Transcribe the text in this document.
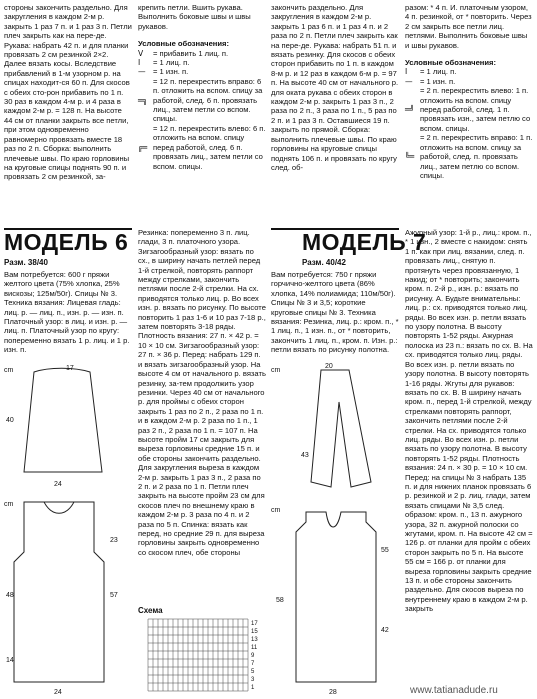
стороны закончить раздельно. Для закругления в каждом 2-м р. закрыть 1 раз 7 п. и 1 раз 3 п. Петли плеч закрыть как на пере-де. Рукава: набрать 42 п. и для планки провязать 2 см резинкой 2×2. Далее вязать косы. Вследствие прибавлений в 1-м узорном р. на спицах находит-ся 60 п. Для скосов с обеих сто-рон прибавить по 1 п. 30 раз в каждом 4-м р. и 4 раза в каждом 2-м р. = 128 п. На высоте 44 см от планки закрыть все петли, при этом одновременно равномерно провязать вместе 18 раз по 2 п. Сборка: выполнить плечевые швы. По краю горловины на круговые спицы поднять 90 п. и провязать 2 см резинкой, за-

крепить петли. Вшить рукава. Выполнить боковые швы и швы рукавов.

Условные обозначения:

V	= прибавить 1 лиц. п.
I	= 1 лиц. п.
— = 1 изн. п.
═╗
= 12 п. перекрестить вправо: 6 п. отложить на вспом. спицу за работой, след. 6 п. провязать лиц., затем петли со вспом. спицы.
╔═
= 12 п. перекрестить влево: 6 п. отложить на вспом. спицу перед работой, след. 6 п. провязать лиц., затем петли со вспом. спицы.

закончить раздельно. Для закругления в каждом 2-м р. закрыть 1 раз 6 п. и 1 раз 4 п. и 2 раза по 2 п. Петли плеч закрыть как на пере-де. Рукава: набрать 51 п. и вязать резинку. Для скосов с обеих сторон прибавить по 1 п. в каждом 8-м р. и 12 раз в каждом 6-м р. = 97 п. На высоте 40 см от начального р. для оката рукава с обеих сторон в каждом 2-м р. закрыть 1 раз 3 п., 2 раза по 2 п., 3 раза по 1 п., 5 раз по 2 п. и 1 раз 3 п. Оставшиеся 19 п. закрыть по прямой. Сборка: выполнить плечевые швы. По краю горловины на круговые спицы поднять 106 п. и провязать по кругу след. об-

разом: * 4 п. И. платочным узором, 4 п. резинкой, от * повторить. Через 2 см закрыть все петли лиц. петлями. Выполнить боковые швы и швы рукавов.

Условные обозначения:

I	= 1 лиц. п.
— = 1 изн. п.
═╝
= 2 п. перекрестить влево: 1 п. отложить на вспом. спицу перед работой, след. 1 п. провязать изн., затем петлю со вспом. спицы.
╚═
= 2 п. перекрестить вправо: 1 п. отложить на вспом. спицу за работой, след. п. провязать лиц., затем петлю со вспом. спицы.
МОДЕЛЬ 6
Разм. 38/40

Вам потребуется: 600 г пряжи желтого цвета (75% хлопка, 25% вискозы; 125м/50г). Спицы № 3. Техника вязания: Лицевая гладь: лиц. р. — лиц. п., изн. р. — изн. п. Платочный узор: в лиц. и изн. р. — лиц. п. Платочный узор по кругу: попеременно вязать 1 р. лиц. и 1 р. изн. п.

Резинка: попеременно 3 п. лиц. глади, 3 п. платочного узора. Зигзагообразный узор: вязать по сх., в ширину начать петлей перед 1-й стрелкой, повторять раппорт между стрелками, закончить петлями после 2-й стрелки. На сх. приводятся только лиц. р. Во всех изн. р. вязать по рисунку. По высоте повторить 1 раз 1-6 и 10 раз 7-18 р., затем повторять 3-18 ряды. Плотность вязания: 27 п. × 42 р. = 10 × 10 см. Зигзагообразный узор: 27 п. × 36 р. Перед: набрать 129 п. и вязать зигзагообразный узор. На высоте 4 см от начального р. вязать резинку, за-тем продолжить узор резинки. Через 40 см от начального р. для проймы с обеих сторон закрыть 1 раз по 2 п., 2 раза по 1 п. и в каждом 2-м р. 2 раза по 1 п., 1 раз 2 п., 2 раза по 1 п. = 107 п. На высоте пройм 17 см закрыть для выреза горловины средние 15 п. и обе стороны закончить раздельно. Для закругления выреза в каждом 2-м р. закрыть 1 раз 3 п., 2 раза по 2 п. и 2 раза по 1 п. Петли плеч закрыть на высоте пройм 23 см для скосов плеч по внешнему краю в каждом 2-м р. 3 раза по 4 п. и 2 раза по 5 п. Спинка: вязать как перед, но средние 29 п. для выреза горловины закрыть одновременно со скосом плеч, обе стороны

cm	17
40
24
cm
48	57
23
14
24
Схема
17
15
13
11
9
7
5
3
1
МОДЕЛЬ 7
Разм. 40/42

Вам потребуется: 750 г пряжи горчично-желтого цвета (86% хлопка, 14% полиамида; 110м/50г). Спицы № 3 и 3,5; короткие круговые спицы № 3. Техника вязания: Резинка, лиц. р.: кром. п., * 1 лиц. п., 1 изн. п., от * повторить, закончить 1 лиц. п., кром. п. Изн. р.: петли вязать по рисунку полотна.

Ажурный узор: 1-й р., лиц.: кром. п., * 1 изн., 2 вместе с накидом: снять 1 п. как при лиц. вязании, след. п. провязать лиц., снятую п. протянуть через провязанную, 1 накид; от * повторить; закончить кром. п. 2-й р., изн. р.: вязать по рисунку. А. Будьте внимательны: лиц. р.: сх. приводятся только лиц. ряды. Во всех изн. р. петли вязать по узору полотна. В высоту повторять 1-52 ряды. Ажурная полоска из 23 п.: вязать по сх. В. На сх. приводятся только лиц. ряды. Во всех изн. р. петли вязать по узору полотна. В высоту повторять 1-16 ряды. Жгуты для рукавов: вязать по сх. В. В ширину начать кром. п., перед 1-й стрелкой, между стрелками повторять раппорт, закончить петлями после 2-й стрелки. На сх. приводятся только лиц. ряды. Во всех изн. р. петли вязать по узору полотна. В высоту повторять 1-52 ряды. Плотность вязания: 24 п. × 30 р. = 10 × 10 см. Перед: на спицы № 3 набрать 135 п. и для нижних планок провязать 6 р. резинкой и 2 р. лиц. глади, затем вязать спицами № 3,5 след. образом: кром. п., 13 п. ажурного узора, 32 п. ажурной полоски со жгутами, кром. п. На высоте 42 см = 126 р. от планки для пройм с обеих сторон закрыть по 5 п. На высоте 55 см = 166 р. от планки для выреза горловины закрыть средние 13 п. и обе стороны закончить раздельно. Для скосов выреза по внутреннему краю в каждом 2-м р. закрыть

cm
20
43
cm
58
42
55
28	www.tatianadude.ru
